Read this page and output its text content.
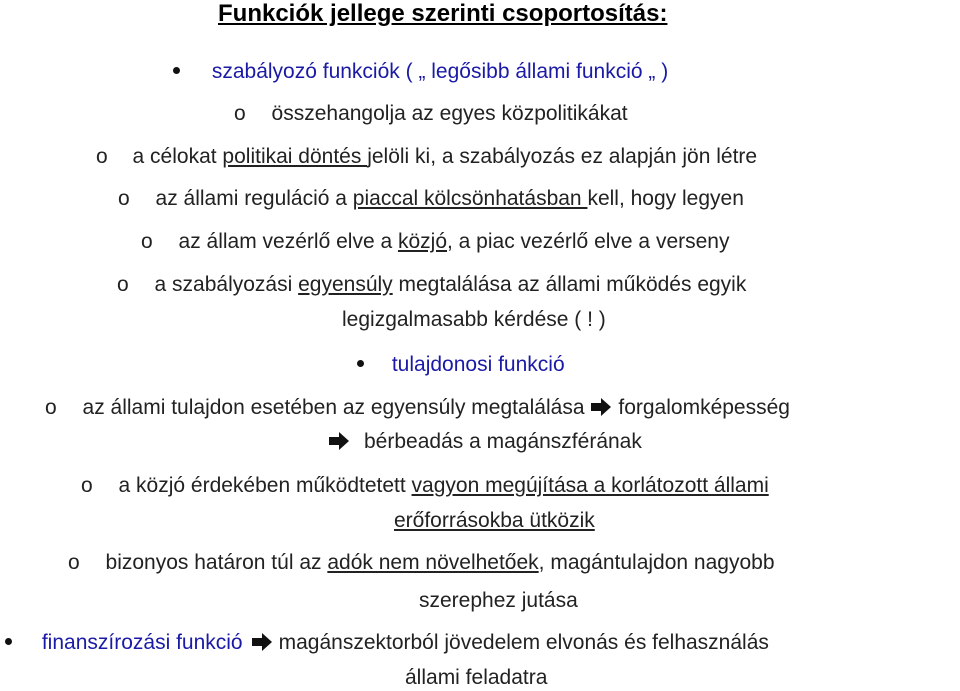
Funkciók jellege szerinti csoportosítás:
szabályozó funkciók ( „ legősibb állami funkció „ )
o összehangolja az egyes közpolitikákat
o a célokat politikai döntés jelöli ki, a szabályozás ez alapján jön létre
o az állami reguláció a piaccal kölcsönhatásban kell, hogy legyen
o az állam vezérlő elve a közjó, a piac vezérlő elve a verseny
o a szabályozási egyensúly megtalálása az állami működés egyik
legizgalmasabb kérdése ( ! )
tulajdonosi funkció
o az állami tulajdon esetében az egyensúly megtalálása forgalomképesség
bérbeadás a magánszférának
o a közjó érdekében működtetett vagyon megújítása a korlátozott állami
erőforrásokba ütközik
o bizonyos határon túl az adók nem növelhetőek, magántulajdon nagyobb
szerephez jutása
finanszírozási funkció magánszektorból jövedelem elvonás és felhasználás
állami feladatra
